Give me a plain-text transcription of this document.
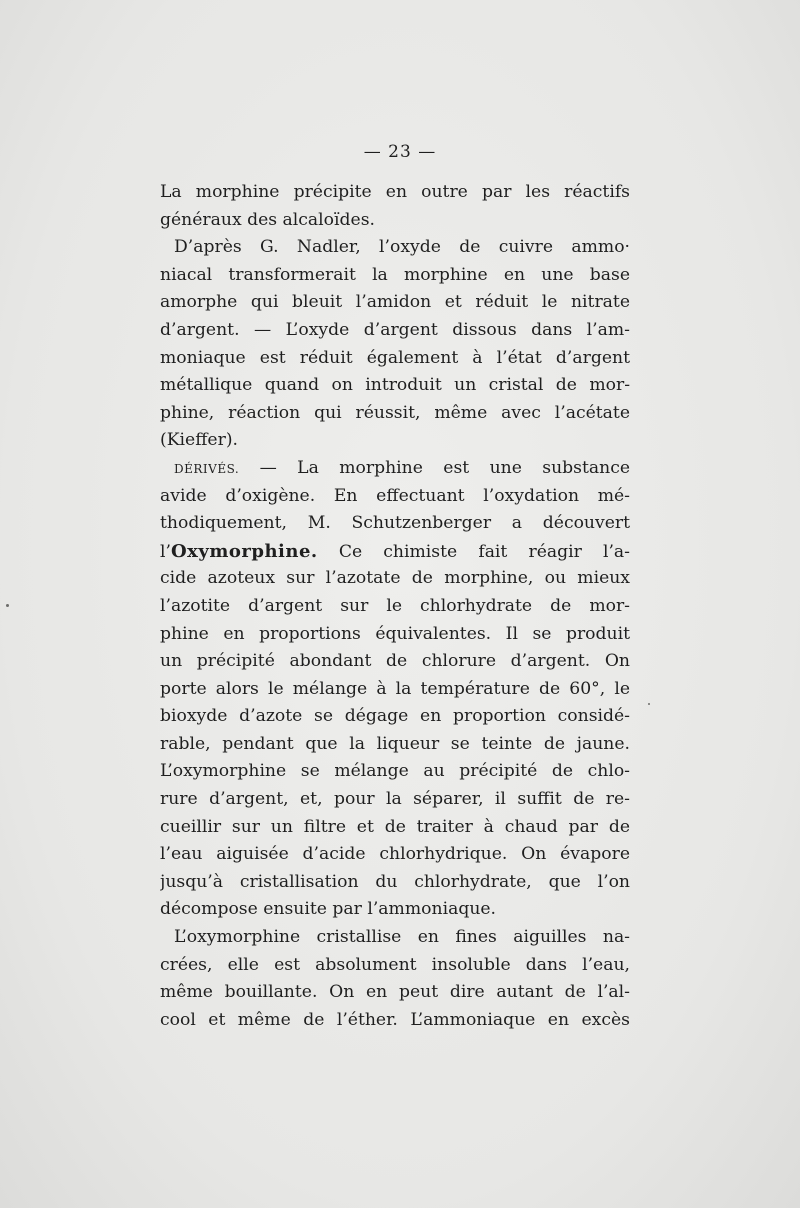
— 23 —
La morphine précipite en outre par les réactifs
généraux des alcaloïdes.
D’après G. Nadler, l’oxyde de cuivre ammo·
niacal transformerait la morphine en une base
amorphe qui bleuit l’amidon et réduit le nitrate
d’argent. — L’oxyde d’argent dissous dans l’am-
moniaque est réduit également à l’état d’argent
métallique quand on introduit un cristal de mor-
phine, réaction qui réussit, même avec l’acétate
(Kieffer).
DÉRIVÉS. — La morphine est une substance
avide d’oxigène. En effectuant l’oxydation mé-
thodiquement, M. Schutzenberger a découvert
l’Oxymorphine. Ce chimiste fait réagir l’a-
cide azoteux sur l’azotate de morphine, ou mieux
l’azotite d’argent sur le chlorhydrate de mor-
phine en proportions équivalentes. Il se produit
un précipité abondant de chlorure d’argent. On
porte alors le mélange à la température de 60°, le
bioxyde d’azote se dégage en proportion considé-
rable, pendant que la liqueur se teinte de jaune.
L’oxymorphine se mélange au précipité de chlo-
rure d’argent, et, pour la séparer, il suffit de re-
cueillir sur un filtre et de traiter à chaud par de
l’eau aiguisée d’acide chlorhydrique. On évapore
jusqu’à cristallisation du chlorhydrate, que l’on
décompose ensuite par l’ammoniaque.
L’oxymorphine cristallise en fines aiguilles na-
crées, elle est absolument insoluble dans l’eau,
même bouillante. On en peut dire autant de l’al-
cool et même de l’éther. L’ammoniaque en excès
